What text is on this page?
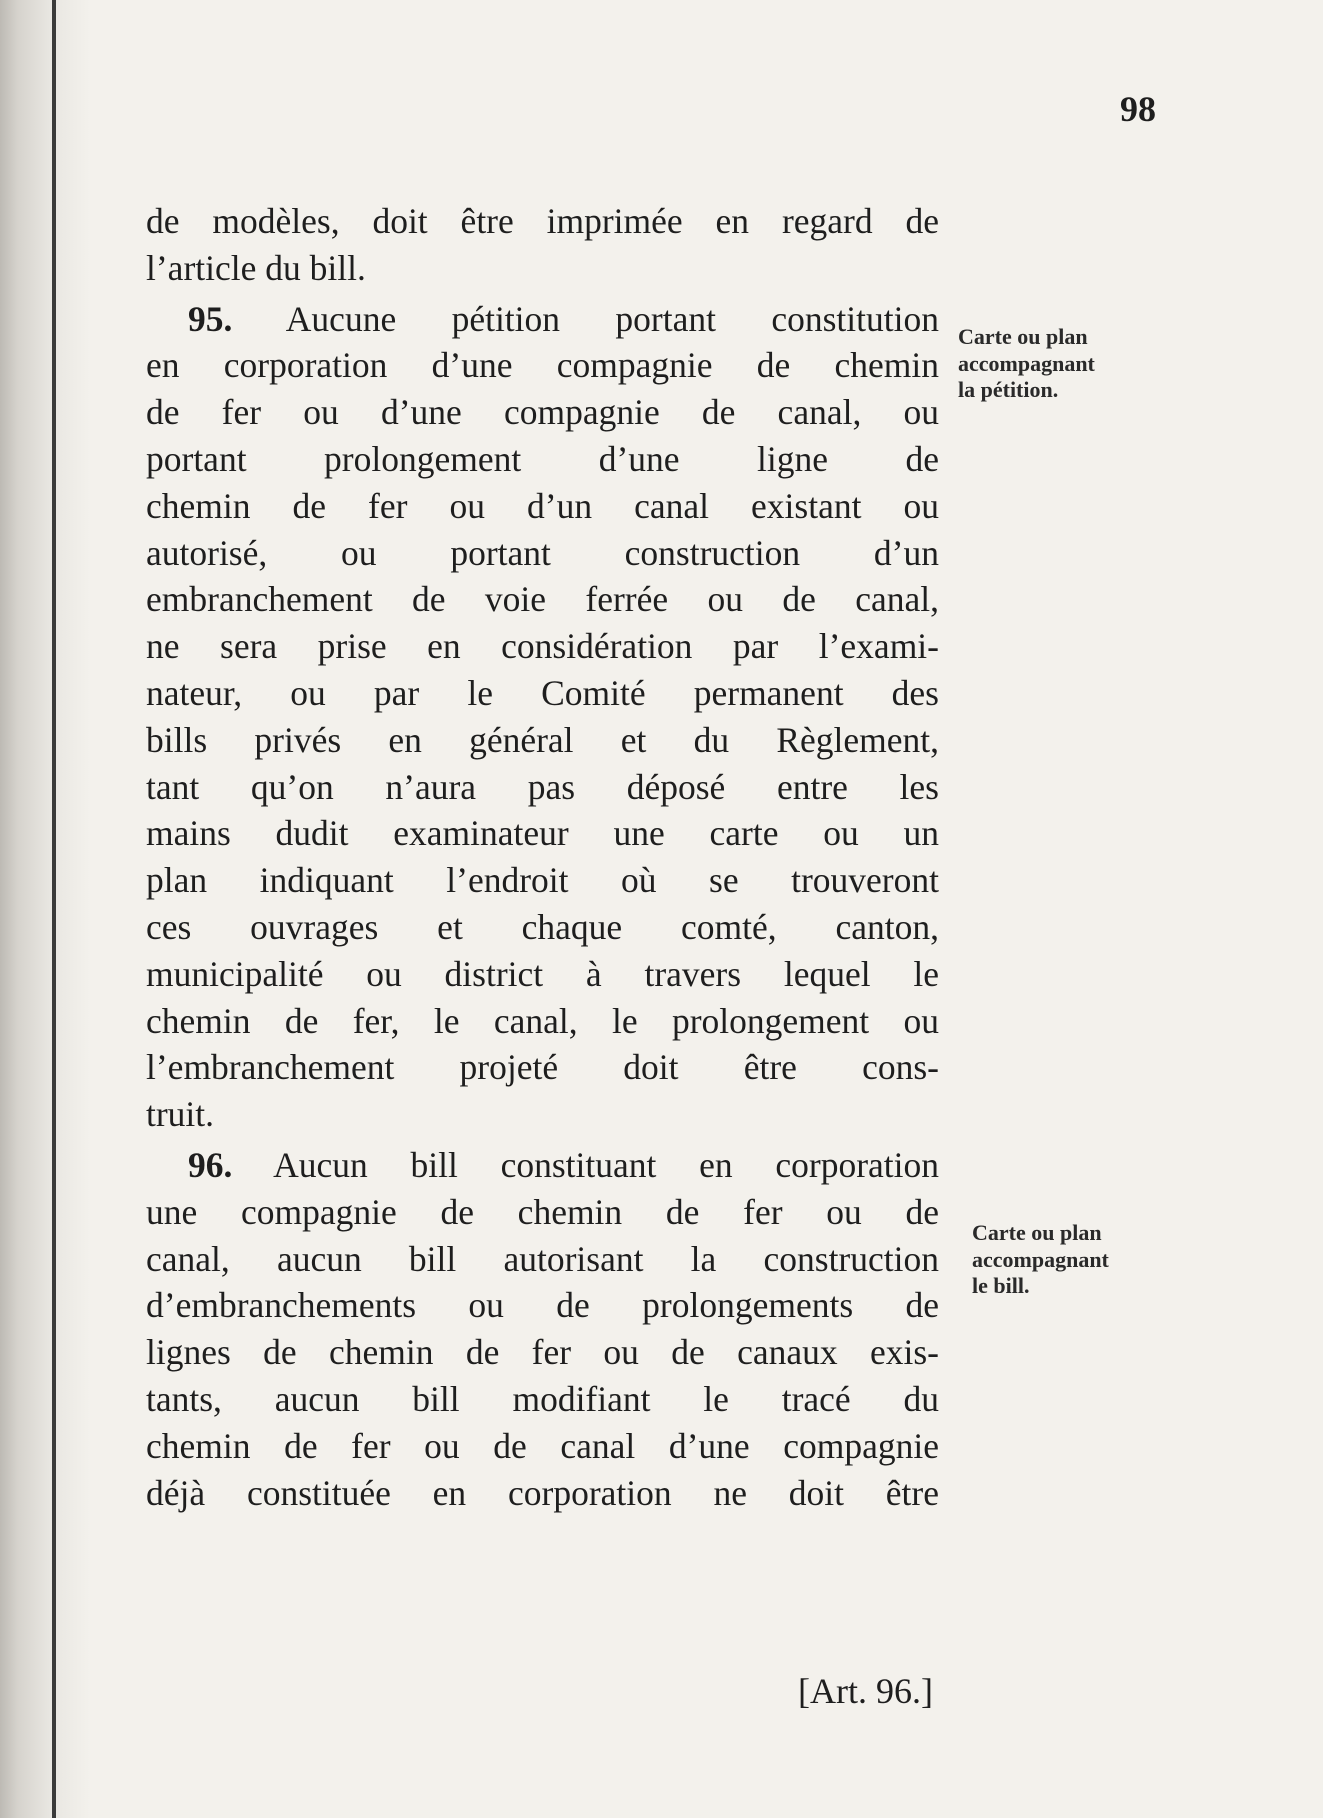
98
de modèles, doit être imprimée en regard de
l’article du bill.
95. Aucune pétition portant constitution
en corporation d’une compagnie de chemin
de fer ou d’une compagnie de canal, ou
portant prolongement d’une ligne de
chemin de fer ou d’un canal existant ou
autorisé, ou portant construction d’un
embranchement de voie ferrée ou de canal,
ne sera prise en considération par l’exami-
nateur, ou par le Comité permanent des
bills privés en général et du Règlement,
tant qu’on n’aura pas déposé entre les
mains dudit examinateur une carte ou un
plan indiquant l’endroit où se trouveront
ces ouvrages et chaque comté, canton,
municipalité ou district à travers lequel le
chemin de fer, le canal, le prolongement ou
l’embranchement projeté doit être cons-
truit.
96. Aucun bill constituant en corporation
une compagnie de chemin de fer ou de
canal, aucun bill autorisant la construction
d’embranchements ou de prolongements de
lignes de chemin de fer ou de canaux exis-
tants, aucun bill modifiant le tracé du
chemin de fer ou de canal d’une compagnie
déjà constituée en corporation ne doit être
Carte ou plan
accompagnant
la pétition.
Carte ou plan
accompagnant
le bill.
[Art. 96.]
